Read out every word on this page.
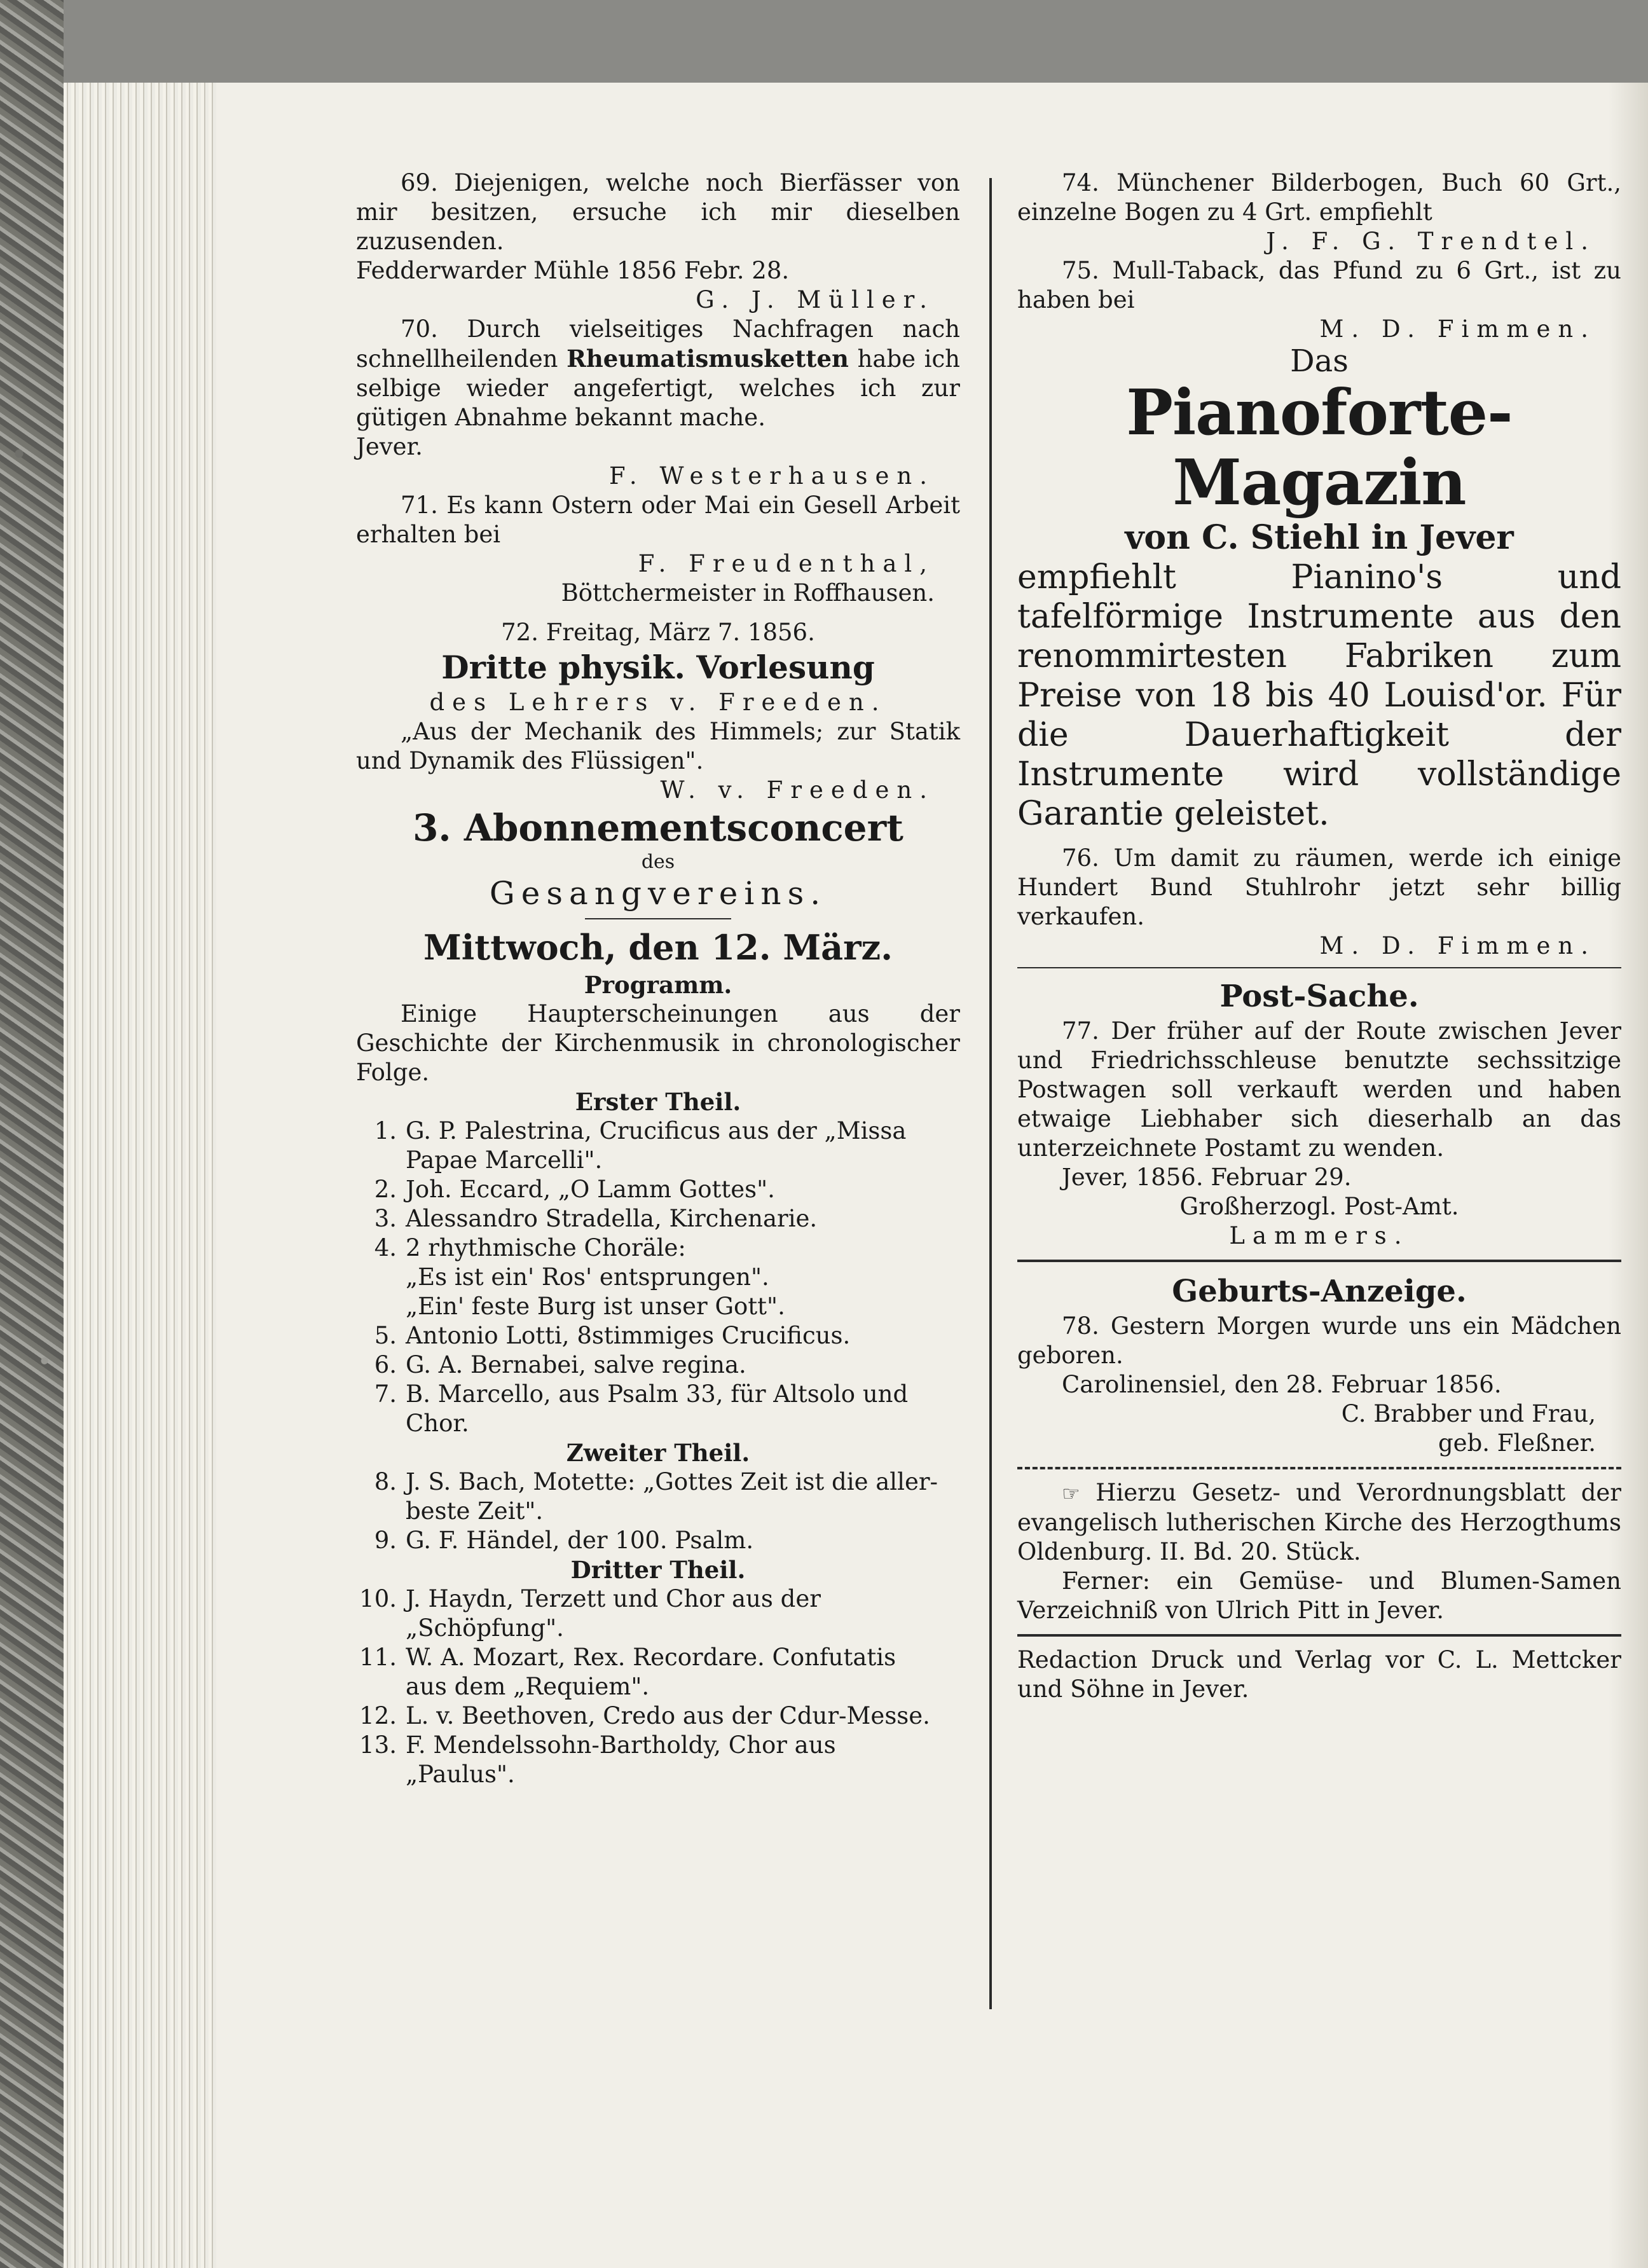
69. Diejenigen, welche noch Bierfässer von mir besitzen, ersuche ich mir dieselben zuzusenden.

Fedderwarder Mühle 1856 Febr. 28.

G. J. Müller.

70. Durch vielseitiges Nachfragen nach schnellheilenden Rheumatismusketten habe ich selbige wieder angefertigt, welches ich zur gütigen Abnahme bekannt mache.

Jever.

F. Westerhausen.

71. Es kann Ostern oder Mai ein Gesell Arbeit erhalten bei

F. Freudenthal,

Böttchermeister in Roffhausen.

72. Freitag, März 7. 1856.

Dritte physik. Vorlesung

des Lehrers v. Freeden.

„Aus der Mechanik des Himmels; zur Statik und Dynamik des Flüssigen".

W. v. Freeden.

3. Abonnementsconcert

des

Gesangvereins.

Mittwoch, den 12. März.

Programm.

Einige Haupterscheinungen aus der Geschichte der Kirchenmusik in chronologischer Folge.

Erster Theil.

1. G. P. Palestrina, Crucificus aus der „Missa
Papae Marcelli".
2. Joh. Eccard, „O Lamm Gottes".
3. Alessandro Stradella, Kirchenarie.
4. 2 rhythmische Choräle:
„Es ist ein' Ros' entsprungen".
„Ein' feste Burg ist unser Gott".
5. Antonio Lotti, 8stimmiges Crucificus.
6. G. A. Bernabei, salve regina.
7. B. Marcello, aus Psalm 33, für Altsolo und
Chor.

Zweiter Theil.

8. J. S. Bach, Motette: „Gottes Zeit ist die aller-
beste Zeit".
9. G. F. Händel, der 100. Psalm.

Dritter Theil.

10. J. Haydn, Terzett und Chor aus der „Schöpfung".
11. W. A. Mozart, Rex. Recordare. Confutatis
aus dem „Requiem".
12. L. v. Beethoven, Credo aus der Cdur-Messe.
13. F. Mendelssohn-Bartholdy, Chor aus
„Paulus".

74. Münchener Bilderbogen, Buch 60 Grt., einzelne Bogen zu 4 Grt. empfiehlt

J. F. G. Trendtel.

75. Mull-Taback, das Pfund zu 6 Grt., ist zu haben bei

M. D. Fimmen.

Das

Pianoforte-Magazin

von C. Stiehl in Jever

empfiehlt Pianino's und tafelförmige Instrumente aus den renommirtesten Fabriken zum Preise von 18 bis 40 Louisd'or. Für die Dauerhaftigkeit der Instrumente wird vollständige Garantie geleistet.

76. Um damit zu räumen, werde ich einige Hundert Bund Stuhlrohr jetzt sehr billig verkaufen.

M. D. Fimmen.

Post-Sache.

77. Der früher auf der Route zwischen Jever und Friedrichsschleuse benutzte sechssitzige Postwagen soll verkauft werden und haben etwaige Liebhaber sich dieserhalb an das unterzeichnete Postamt zu wenden.

Jever, 1856. Februar 29.

Großherzogl. Post-Amt.

Lammers.

Geburts-Anzeige.

78. Gestern Morgen wurde uns ein Mädchen geboren.

Carolinensiel, den 28. Februar 1856.

C. Brabber und Frau,

geb. Fleßner.

☞ Hierzu Gesetz- und Verordnungsblatt der evangelisch lutherischen Kirche des Herzogthums Oldenburg. II. Bd. 20. Stück.

Ferner: ein Gemüse- und Blumen-Samen Verzeichniß von Ulrich Pitt in Jever.

Redaction Druck und Verlag vor C. L. Mettcker und Söhne in Jever.
